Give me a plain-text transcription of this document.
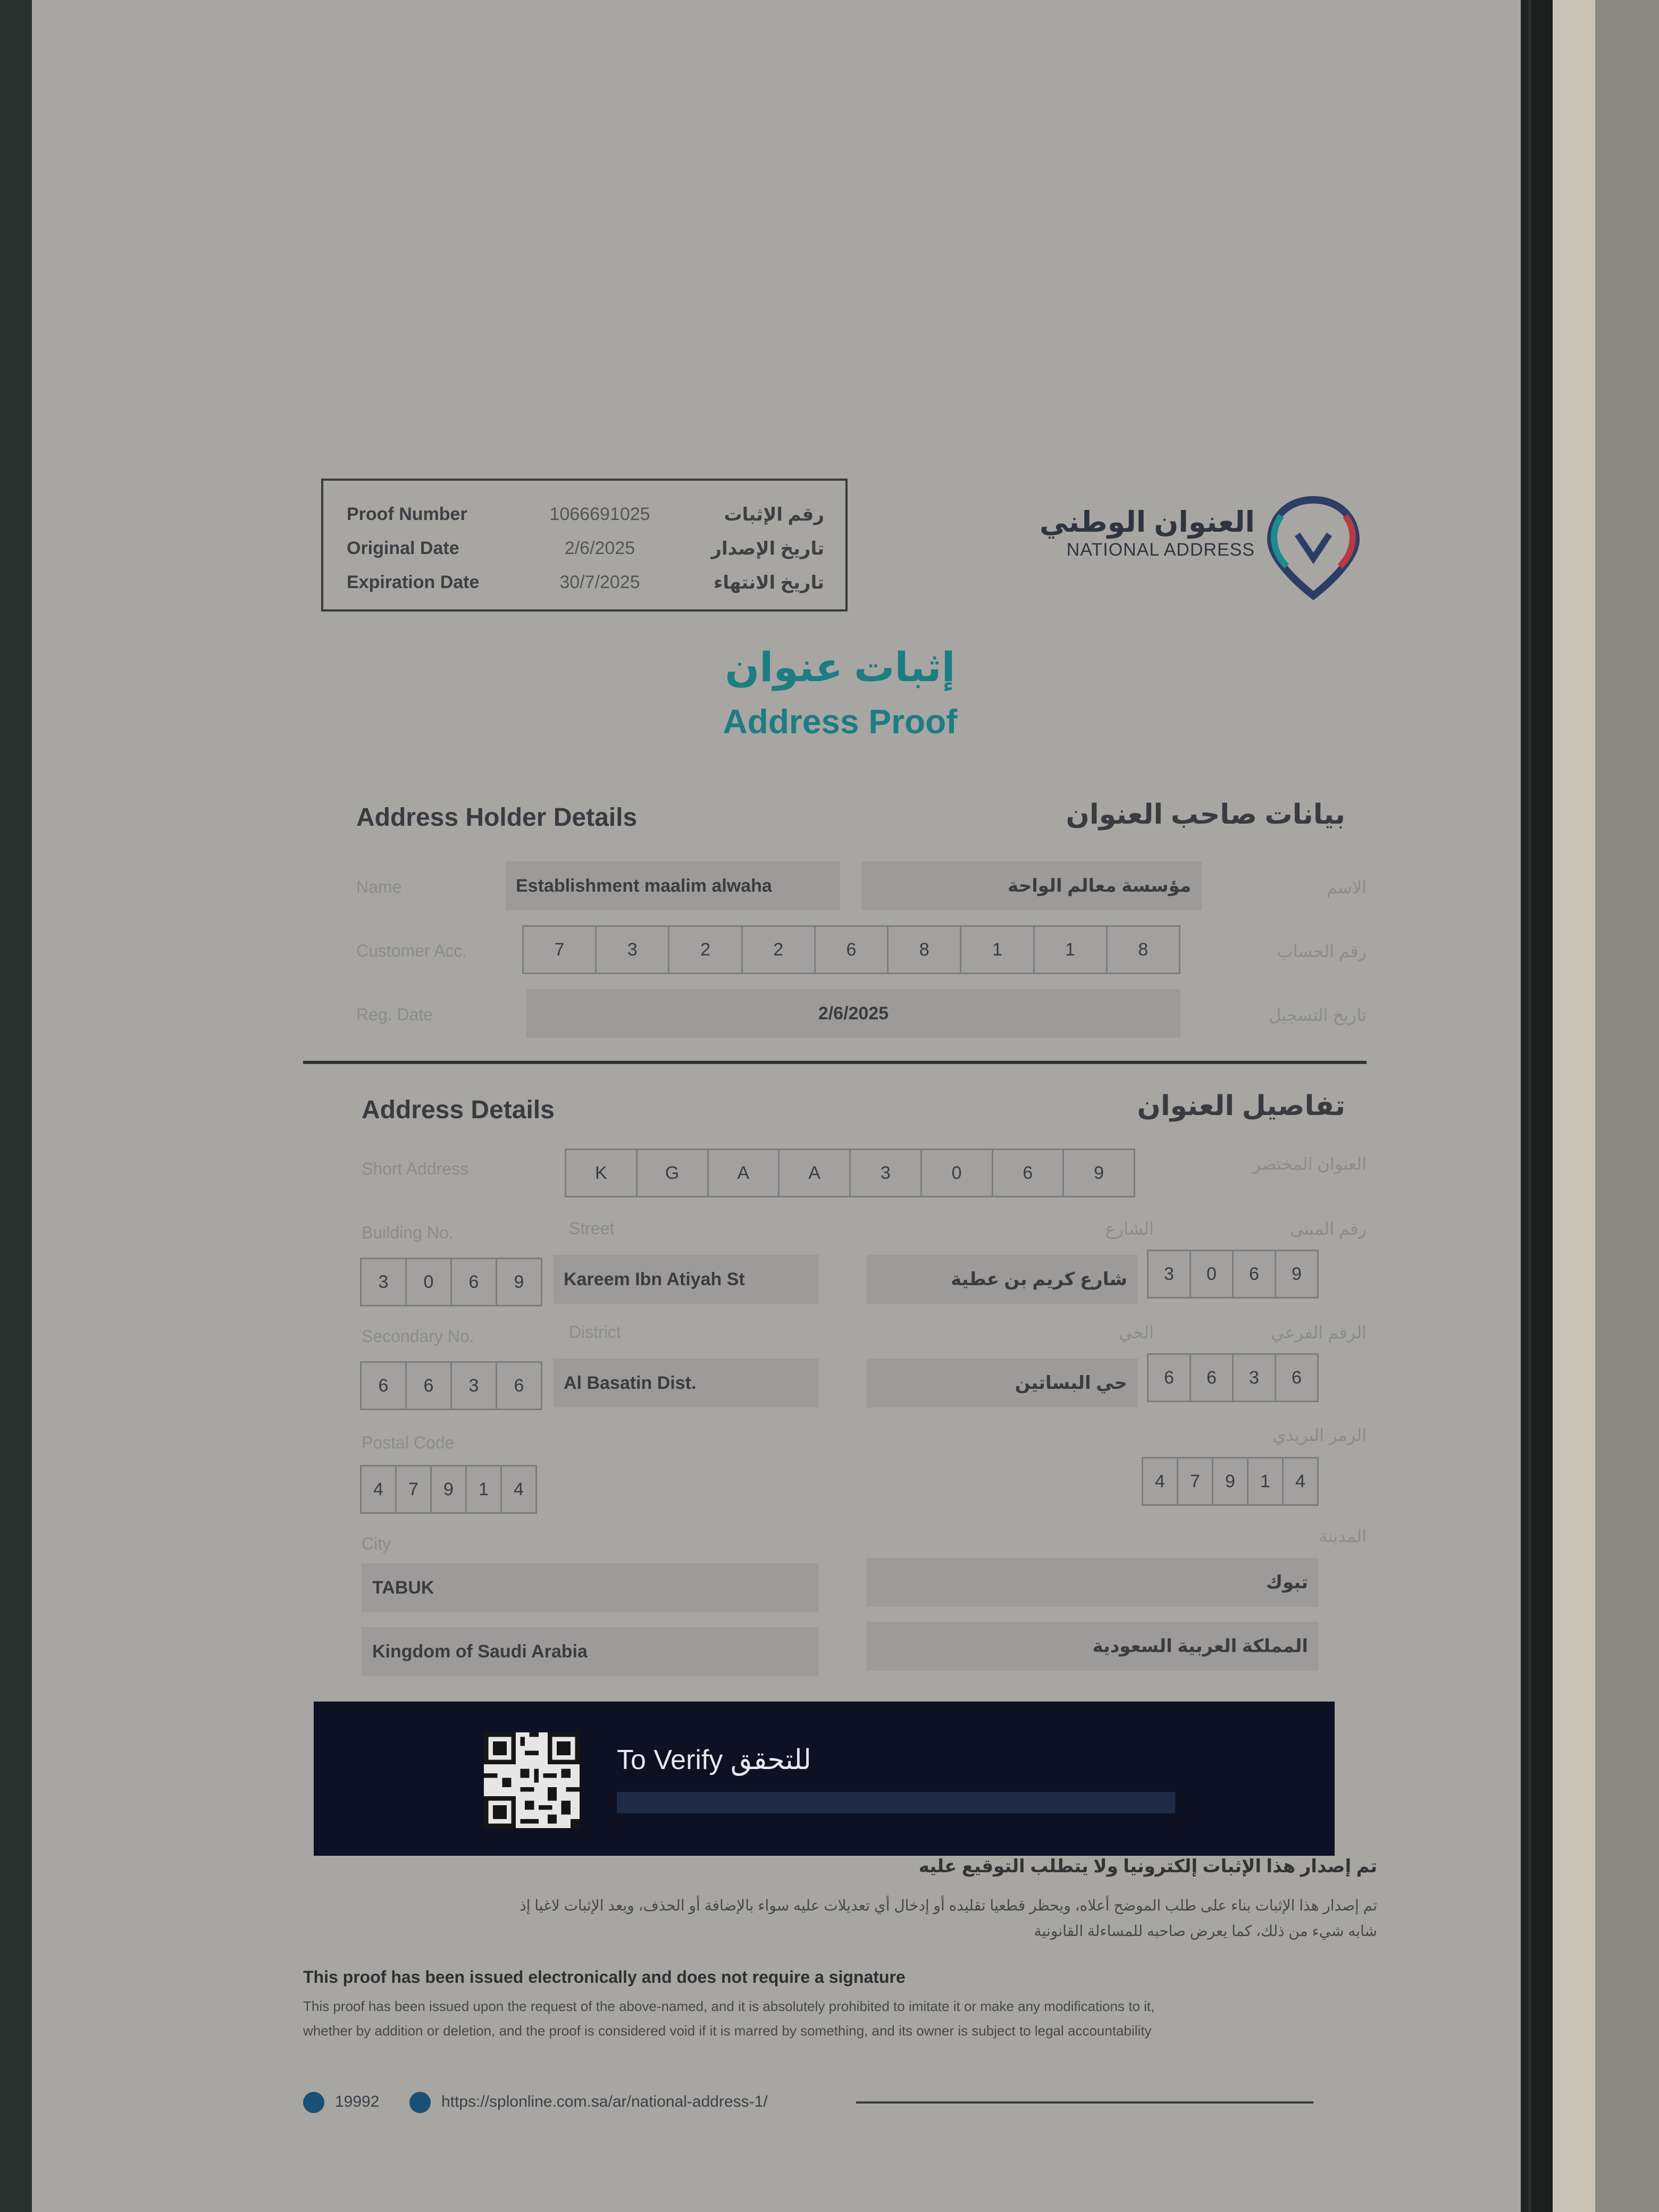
Proof Number	1066691025	رقم الإثبات
Original Date	2/6/2025	تاريخ الإصدار
Expiration Date	30/7/2025	تاريخ الانتهاء
العنوان الوطني
NATIONAL ADDRESS
إثبات عنوان
Address Proof
Address Holder Details	بيانات صاحب العنوان
Name	Establishment maalim alwaha	مؤسسة معالم الواحة	الاسم
Customer Acc.	7	3	2	2	6	8	1	1	8	رقم الحساب
Reg. Date	2/6/2025	تاريخ التسجيل
Address Details	تفاصيل العنوان
Short Address	K	G	A	A	3	0	6	9	العنوان المختصر
Building No.	Street	الشارع	رقم المبنى
3	0	6	9	Kareem Ibn Atiyah St	شارع كريم بن عطية	3	0	6	9
Secondary No.	District	الحي	الرقم الفرعي
6	6	3	6	Al Basatin Dist.	حي البساتين	6	6	3	6
Postal Code	الرمز البريدي
4	7	9	1	4	4	7	9	1	4
City	المدينة
TABUK	تبوك
Kingdom of Saudi Arabia	المملكة العربية السعودية
To Verify للتحقق
تم إصدار هذا الإثبات إلكترونيا ولا يتطلب التوقيع عليه
تم إصدار هذا الإثبات بناء على طلب الموضح أعلاه، ويحظر قطعيا تقليده أو إدخال أي تعديلات عليه سواء بالإضافة أو الحذف، ويعد الإثبات لاغيا إذ
شابه شيء من ذلك، كما يعرض صاحبه للمساءلة القانونية
This proof has been issued electronically and does not require a signature
This proof has been issued upon the request of the above-named, and it is absolutely prohibited to imitate it or make any modifications to it,
whether by addition or deletion, and the proof is considered void if it is marred by something, and its owner is subject to legal accountability
19992	https://splonline.com.sa/ar/national-address-1/
